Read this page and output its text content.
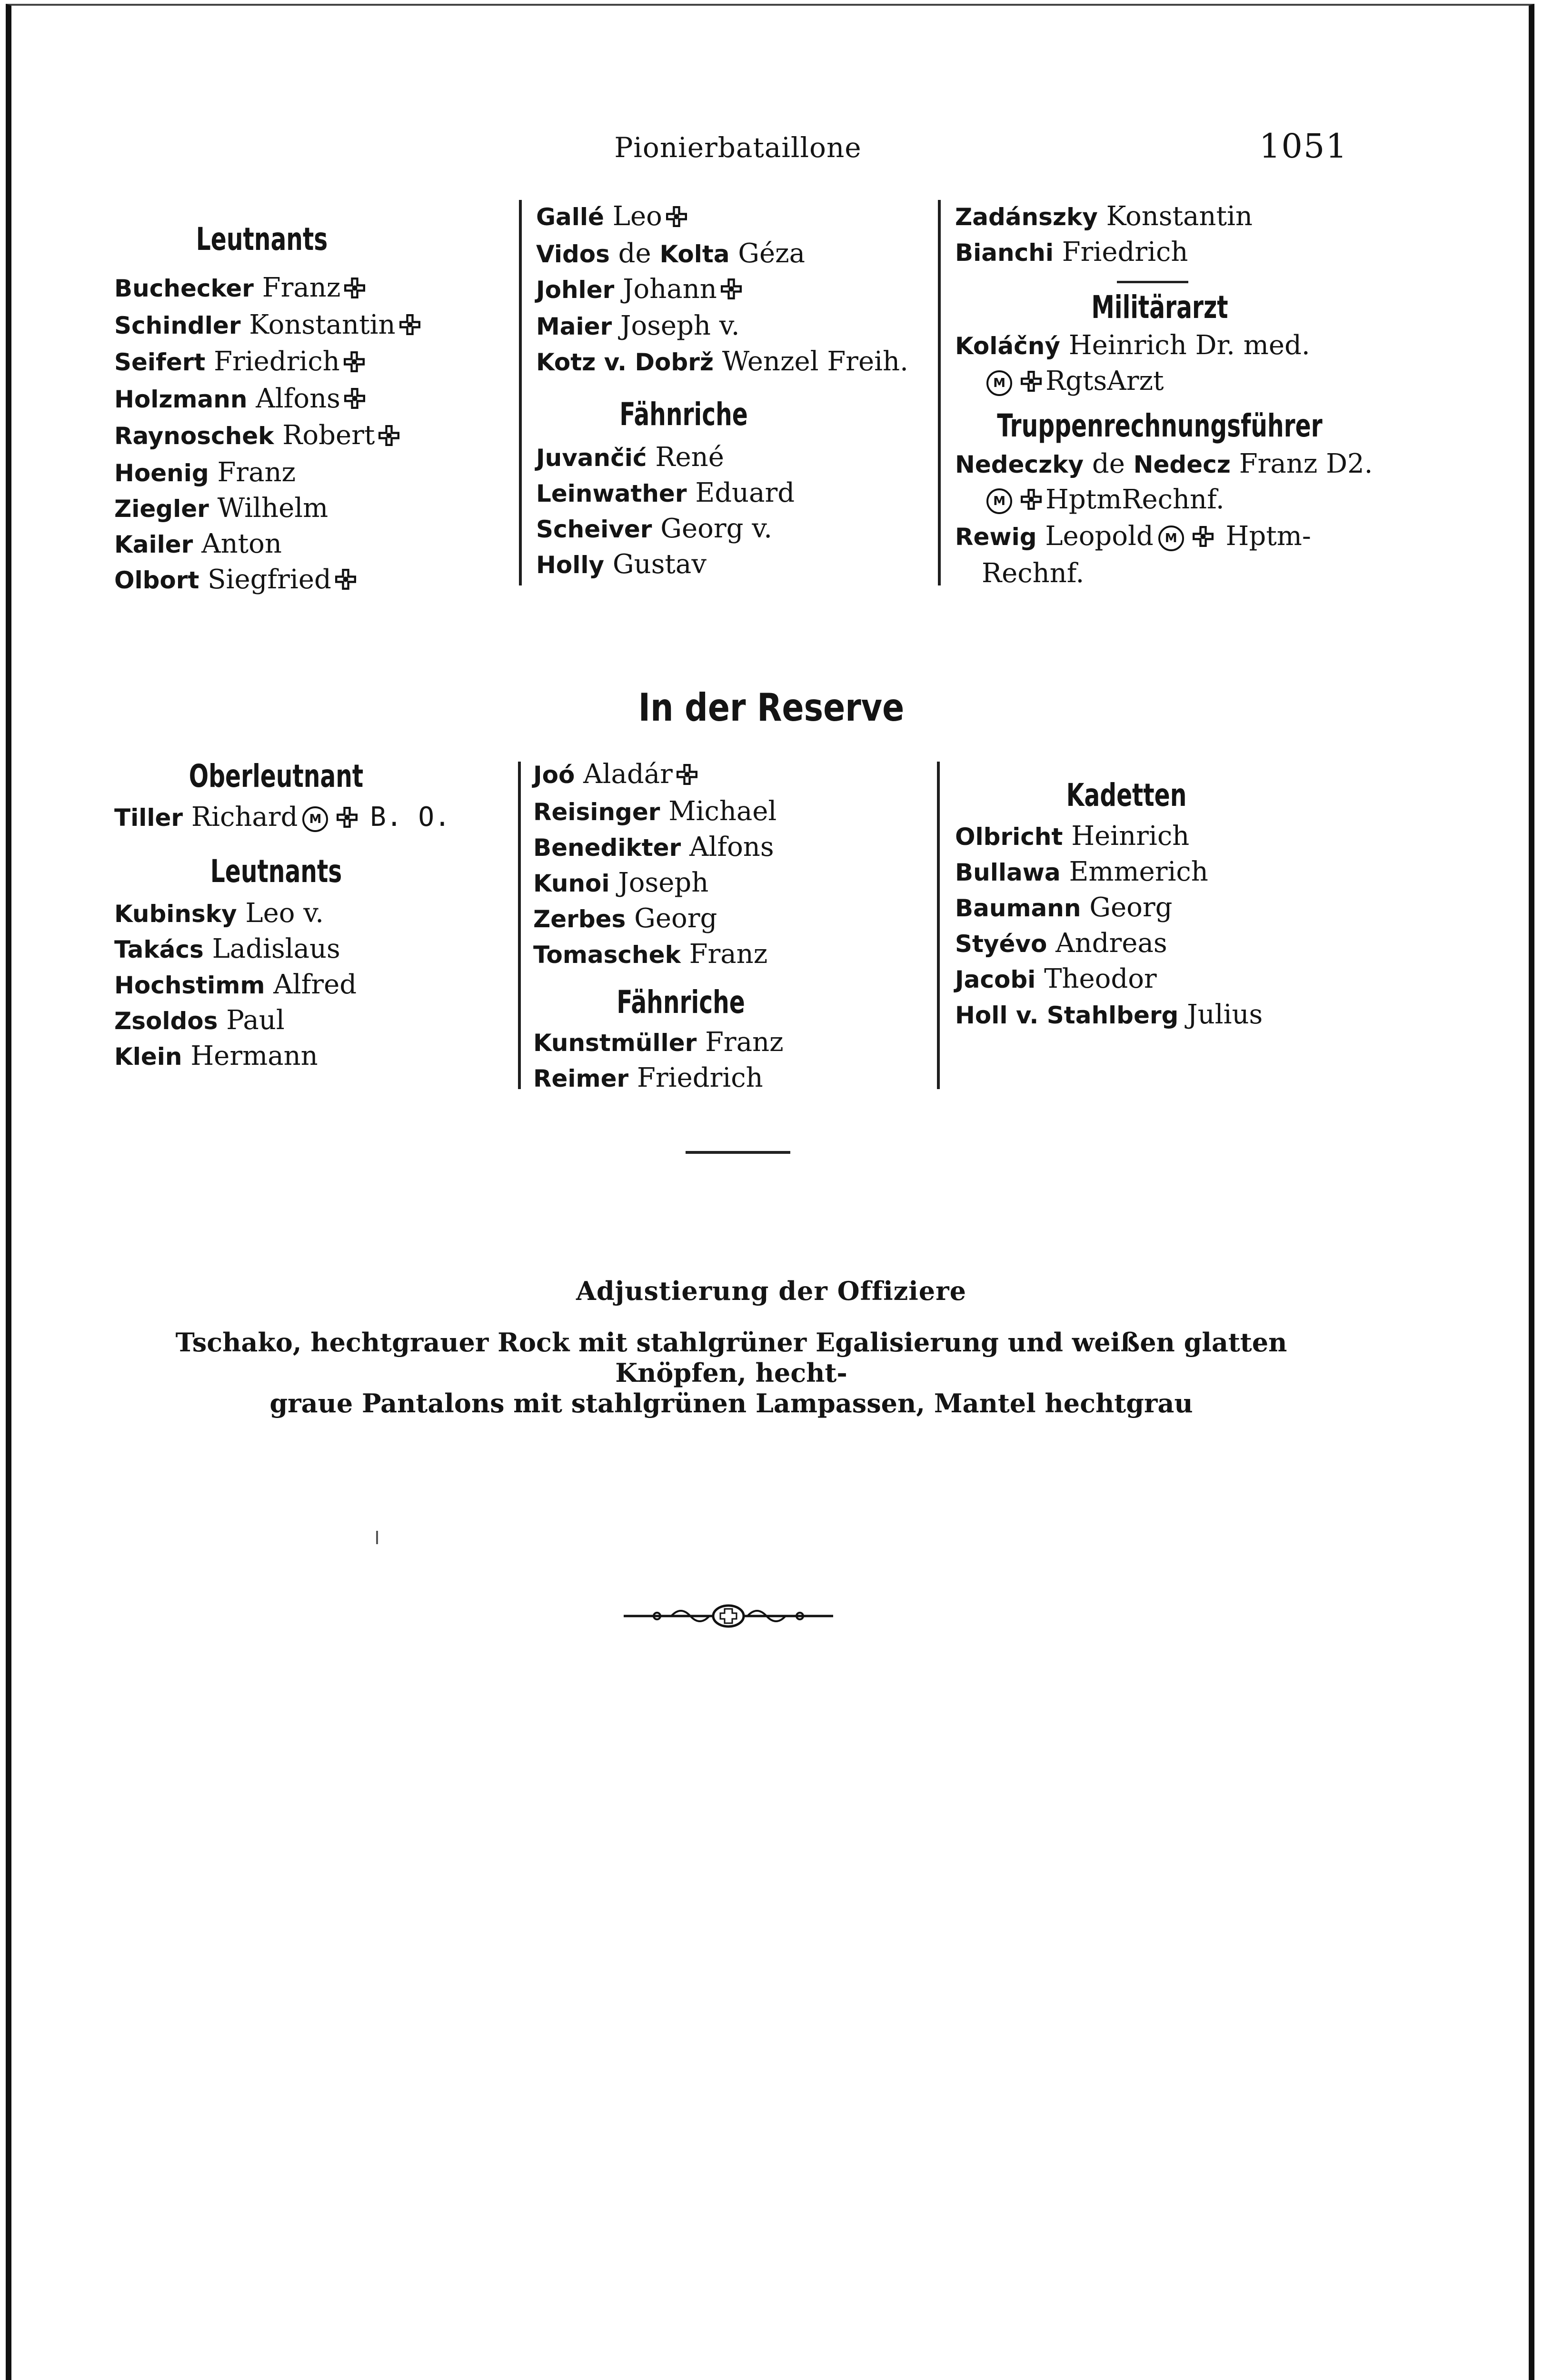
Pionierbataillone	1051
Leutnants
Buchecker Franz
Schindler Konstantin
Seifert Friedrich
Holzmann Alfons
Raynoschek Robert
Hoenig Franz
Ziegler Wilhelm
Kailer Anton
Olbort Siegfried
Gallé Leo
Vidos de Kolta Géza
Johler Johann
Maier Joseph v.
Kotz v. Dobrž Wenzel Freih.
Fähnriche
Juvančić René
Leinwather Eduard
Scheiver Georg v.
Holly Gustav
Zadánszky Konstantin
Bianchi Friedrich
Militärarzt
Koláčný Heinrich Dr. med.
M RgtsArzt
Truppenrechnungsführer
Nedeczky de Nedecz Franz D2.
M HptmRechnf.
Rewig Leopold M Hptm-
Rechnf.
In der Reserve
Oberleutnant
Tiller Richard M B. O.
Leutnants
Kubinsky Leo v.
Takács Ladislaus
Hochstimm Alfred
Zsoldos Paul
Klein Hermann
Joó Aladár
Reisinger Michael
Benedikter Alfons
Kunoi Joseph
Zerbes Georg
Tomaschek Franz
Fähnriche
Kunstmüller Franz
Reimer Friedrich
Kadetten
Olbricht Heinrich
Bullawa Emmerich
Baumann Georg
Styévo Andreas
Jacobi Theodor
Holl v. Stahlberg Julius
Adjustierung der Offiziere
Tschako, hechtgrauer Rock mit stahlgrüner Egalisierung und weißen glatten Knöpfen, hecht-
graue Pantalons mit stahlgrünen Lampassen, Mantel hechtgrau
